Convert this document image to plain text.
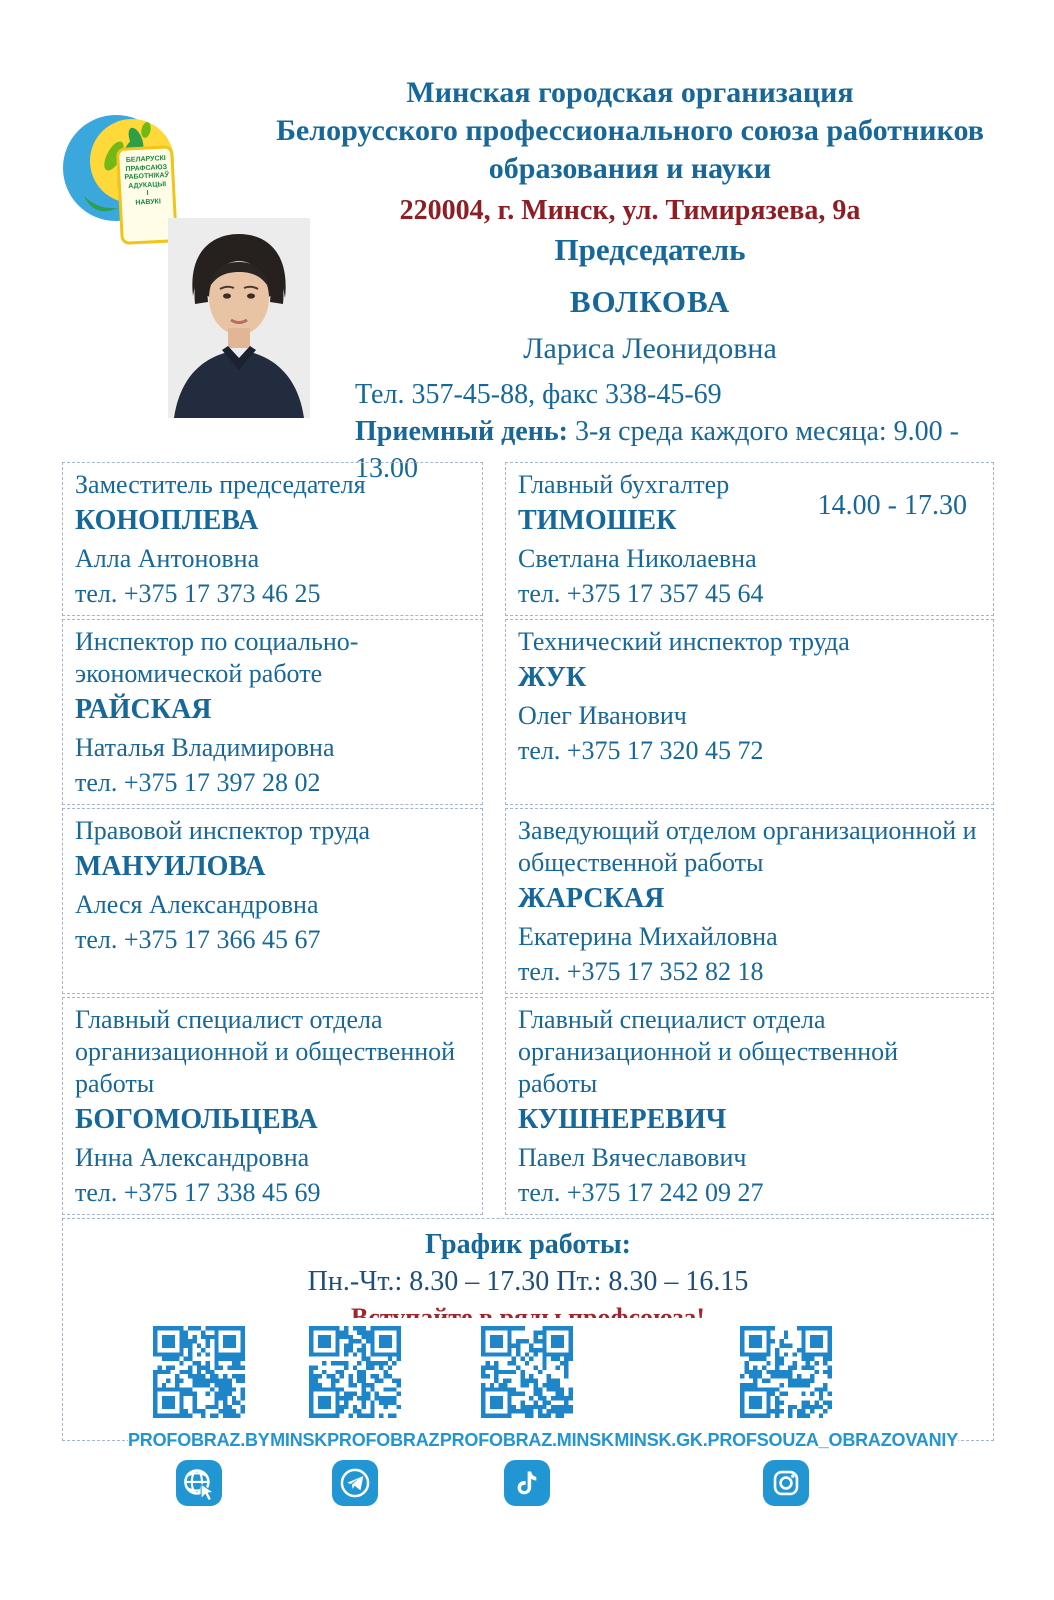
БЕЛАРУСКІ
ПРАФСАЮЗ
РАБОТНІКАЎ
АДУКАЦЫІ
І
НАВУКІ
Минская городская организация
Белорусского профессионального союза работников
образования и науки
220004, г. Минск, ул. Тимирязева, 9а
Председатель
ВОЛКОВА
Лариса Леонидовна
Тел. 357-45-88, факс 338-45-69
Приемный день: 3-я среда каждого месяца: 9.00 - 13.00
14.00 - 17.30
Заместитель председателя
КОНОПЛЕВА
Алла Антоновна
тел. +375 17 373 46 25
Главный бухгалтер
ТИМОШЕК
Светлана Николаевна
тел. +375 17 357 45 64
Инспектор по социально-экономической работе
РАЙСКАЯ
Наталья Владимировна
тел. +375 17 397 28 02
Технический инспектор труда
ЖУК
Олег Иванович
тел. +375 17 320 45 72
Правовой инспектор труда
МАНУИЛОВА
Алеся Александровна
тел. +375 17 366 45 67
Заведующий отделом организационной и общественной работы
ЖАРСКАЯ
Екатерина Михайловна
тел. +375 17 352 82 18
Главный специалист отдела организационной и общественной работы
БОГОМОЛЬЦЕВА
Инна Александровна
тел. +375 17 338 45 69
Главный специалист отдела организационной и общественной работы
КУШНЕРЕВИЧ
Павел Вячеславович
тел. +375 17 242 09 27
График работы:
Пн.-Чт.: 8.30 – 17.30 Пт.: 8.30 – 16.15
PROFOBRAZ.BY MINSKPROFOBRAZ PROFOBRAZ.MINSK MINSK.GK.PROFSOUZA_OBRAZOVANIY
